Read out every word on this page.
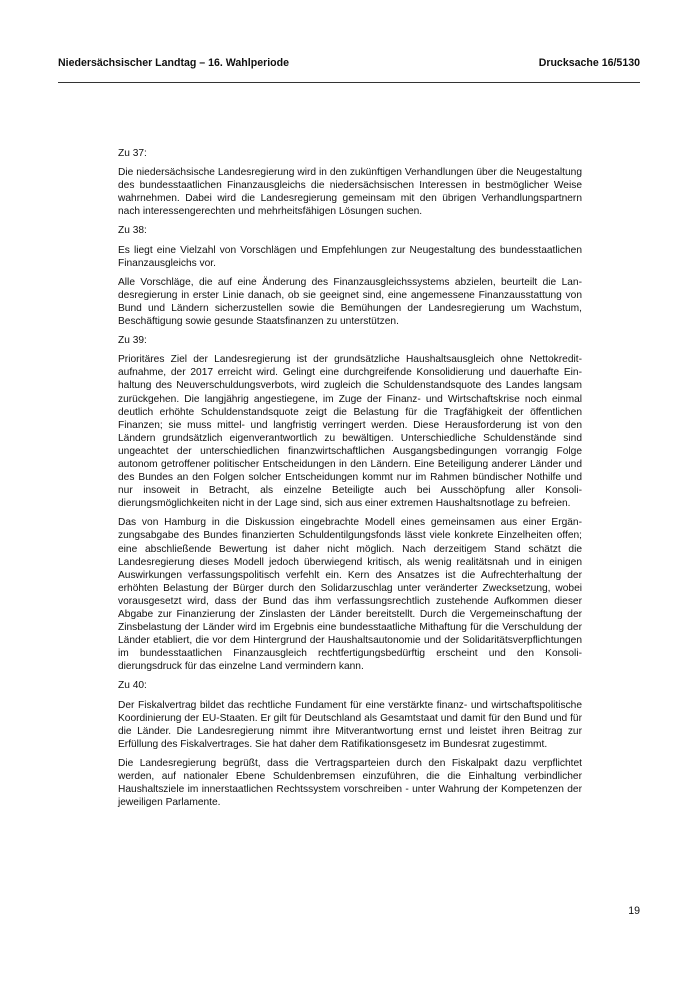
Niedersächsischer Landtag – 16. Wahlperiode	Drucksache 16/5130

Zu 37:

Die niedersächsische Landesregierung wird in den zukünftigen Verhandlungen über die Neugestaltung des bundesstaatlichen Finanzausgleichs die niedersächsischen Interessen in bestmöglicher Weise wahrnehmen. Dabei wird die Landesregierung gemeinsam mit den übrigen Verhandlungspartnern nach interessengerechten und mehrheitsfähigen Lösungen suchen.

Zu 38:

Es liegt eine Vielzahl von Vorschlägen und Empfehlungen zur Neugestaltung des bundesstaatlichen Finanzausgleichs vor.

Alle Vorschläge, die auf eine Änderung des Finanzausgleichssystems abzielen, beurteilt die Landesregierung in erster Linie danach, ob sie geeignet sind, eine angemessene Finanzausstattung von Bund und Ländern sicherzustellen sowie die Bemühungen der Landesregierung um Wachstum, Beschäftigung sowie gesunde Staatsfinanzen zu unterstützen.

Zu 39:

Prioritäres Ziel der Landesregierung ist der grundsätzliche Haushaltsausgleich ohne Nettokreditaufnahme, der 2017 erreicht wird. Gelingt eine durchgreifende Konsolidierung und dauerhafte Einhaltung des Neuverschuldungsverbots, wird zugleich die Schuldenstandsquote des Landes langsam zurückgehen. Die langjährig angestiegene, im Zuge der Finanz- und Wirtschaftskrise noch einmal deutlich erhöhte Schuldenstandsquote zeigt die Belastung für die Tragfähigkeit der öffentlichen Finanzen; sie muss mittel- und langfristig verringert werden. Diese Herausforderung ist von den Ländern grundsätzlich eigenverantwortlich zu bewältigen. Unterschiedliche Schuldenstände sind ungeachtet der unterschiedlichen finanzwirtschaftlichen Ausgangsbedingungen vorrangig Folge autonom getroffener politischer Entscheidungen in den Ländern. Eine Beteiligung anderer Länder und des Bundes an den Folgen solcher Entscheidungen kommt nur im Rahmen bündischer Nothilfe und nur insoweit in Betracht, als einzelne Beteiligte auch bei Ausschöpfung aller Konsolidierungsmöglichkeiten nicht in der Lage sind, sich aus einer extremen Haushaltsnotlage zu befreien.

Das von Hamburg in die Diskussion eingebrachte Modell eines gemeinsamen aus einer Ergänzungsabgabe des Bundes finanzierten Schuldentilgungsfonds lässt viele konkrete Einzelheiten offen; eine abschließende Bewertung ist daher nicht möglich. Nach derzeitigem Stand schätzt die Landesregierung dieses Modell jedoch überwiegend kritisch, als wenig realitätsnah und in einigen Auswirkungen verfassungspolitisch verfehlt ein. Kern des Ansatzes ist die Aufrechterhaltung der erhöhten Belastung der Bürger durch den Solidarzuschlag unter veränderter Zwecksetzung, wobei vorausgesetzt wird, dass der Bund das ihm verfassungsrechtlich zustehende Aufkommen dieser Abgabe zur Finanzierung der Zinslasten der Länder bereitstellt. Durch die Vergemeinschaftung der Zinsbelastung der Länder wird im Ergebnis eine bundesstaatliche Mithaftung für die Verschuldung der Länder etabliert, die vor dem Hintergrund der Haushaltsautonomie und der Solidaritätsverpflichtungen im bundesstaatlichen Finanzausgleich rechtfertigungsbedürftig erscheint und den Konsolidierungsdruck für das einzelne Land vermindern kann.

Zu 40:

Der Fiskalvertrag bildet das rechtliche Fundament für eine verstärkte finanz- und wirtschaftspolitische Koordinierung der EU-Staaten. Er gilt für Deutschland als Gesamtstaat und damit für den Bund und für die Länder. Die Landesregierung nimmt ihre Mitverantwortung ernst und leistet ihren Beitrag zur Erfüllung des Fiskalvertrages. Sie hat daher dem Ratifikationsgesetz im Bundesrat zugestimmt.

Die Landesregierung begrüßt, dass die Vertragsparteien durch den Fiskalpakt dazu verpflichtet werden, auf nationaler Ebene Schuldenbremsen einzuführen, die die Einhaltung verbindlicher Haushaltsziele im innerstaatlichen Rechtssystem vorschreiben - unter Wahrung der Kompetenzen der jeweiligen Parlamente.

19
